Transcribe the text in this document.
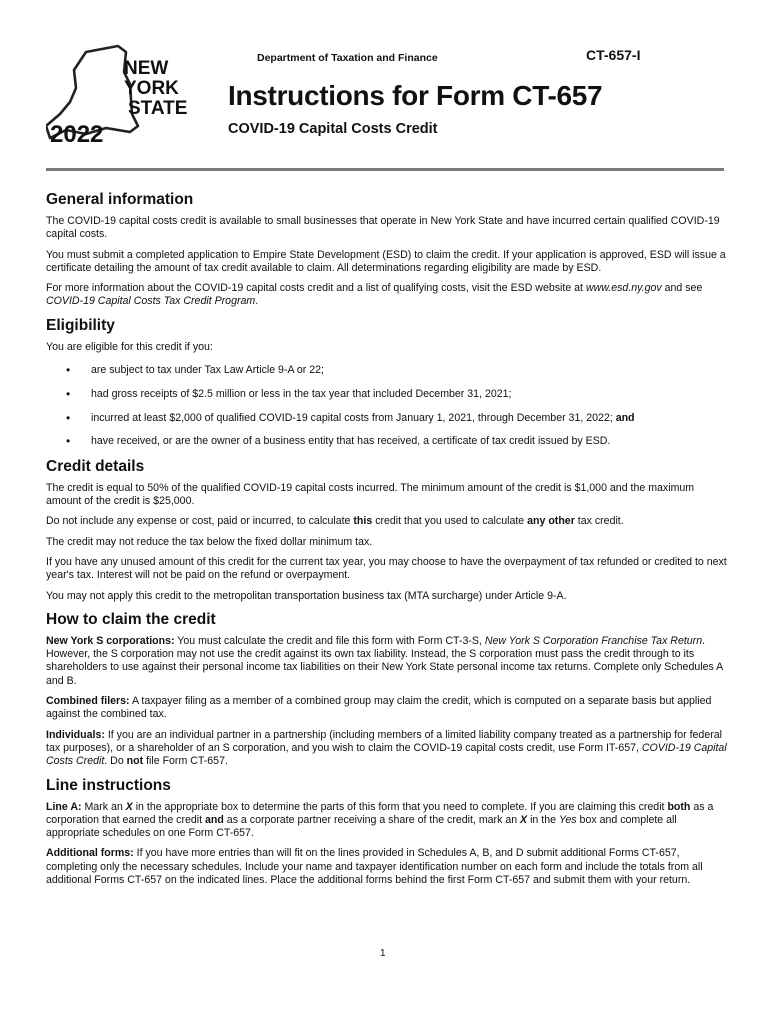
NEW
YORK
STATE
2022
Department of Taxation and Finance	CT-657-I
Instructions for Form CT-657
COVID-19 Capital Costs Credit
General information

The COVID-19 capital costs credit is available to small businesses that operate in New York State and have incurred certain qualified COVID-19 capital costs.

You must submit a completed application to Empire State Development (ESD) to claim the credit. If your application is approved, ESD will issue a certificate detailing the amount of tax credit available to claim. All determinations regarding eligibility are made by ESD.

For more information about the COVID-19 capital costs credit and a list of qualifying costs, visit the ESD website at www.esd.ny.gov and see COVID-19 Capital Costs Tax Credit Program.

Eligibility

You are eligible for this credit if you:

• are subject to tax under Tax Law Article 9-A or 22;
• had gross receipts of $2.5 million or less in the tax year that included December 31, 2021;
• incurred at least $2,000 of qualified COVID-19 capital costs from January 1, 2021, through December 31, 2022; and
• have received, or are the owner of a business entity that has received, a certificate of tax credit issued by ESD.
Credit details

The credit is equal to 50% of the qualified COVID-19 capital costs incurred. The minimum amount of the credit is $1,000 and the maximum amount of the credit is $25,000.

Do not include any expense or cost, paid or incurred, to calculate this credit that you used to calculate any other tax credit.

The credit may not reduce the tax below the fixed dollar minimum tax.

If you have any unused amount of this credit for the current tax year, you may choose to have the overpayment of tax refunded or credited to next year's tax. Interest will not be paid on the refund or overpayment.

You may not apply this credit to the metropolitan transportation business tax (MTA surcharge) under Article 9-A.

How to claim the credit

New York S corporations: You must calculate the credit and file this form with Form CT-3-S, New York S Corporation Franchise Tax Return. However, the S corporation may not use the credit against its own tax liability. Instead, the S corporation must pass the credit through to its shareholders to use against their personal income tax liabilities on their New York State personal income tax returns. Complete only Schedules A and B.

Combined filers: A taxpayer filing as a member of a combined group may claim the credit, which is computed on a separate basis but applied against the combined tax.

Individuals: If you are an individual partner in a partnership (including members of a limited liability company treated as a partnership for federal tax purposes), or a shareholder of an S corporation, and you wish to claim the COVID-19 capital costs credit, use Form IT-657, COVID-19 Capital Costs Credit. Do not file Form CT-657.

Line instructions

Line A: Mark an X in the appropriate box to determine the parts of this form that you need to complete. If you are claiming this credit both as a corporation that earned the credit and as a corporate partner receiving a share of the credit, mark an X in the Yes box and complete all appropriate schedules on one Form CT-657.

Additional forms: If you have more entries than will fit on the lines provided in Schedules A, B, and D submit additional Forms CT-657, completing only the necessary schedules. Include your name and taxpayer identification number on each form and include the totals from all additional Forms CT-657 on the indicated lines. Place the additional forms behind the first Form CT-657 and submit them with your return.

1
